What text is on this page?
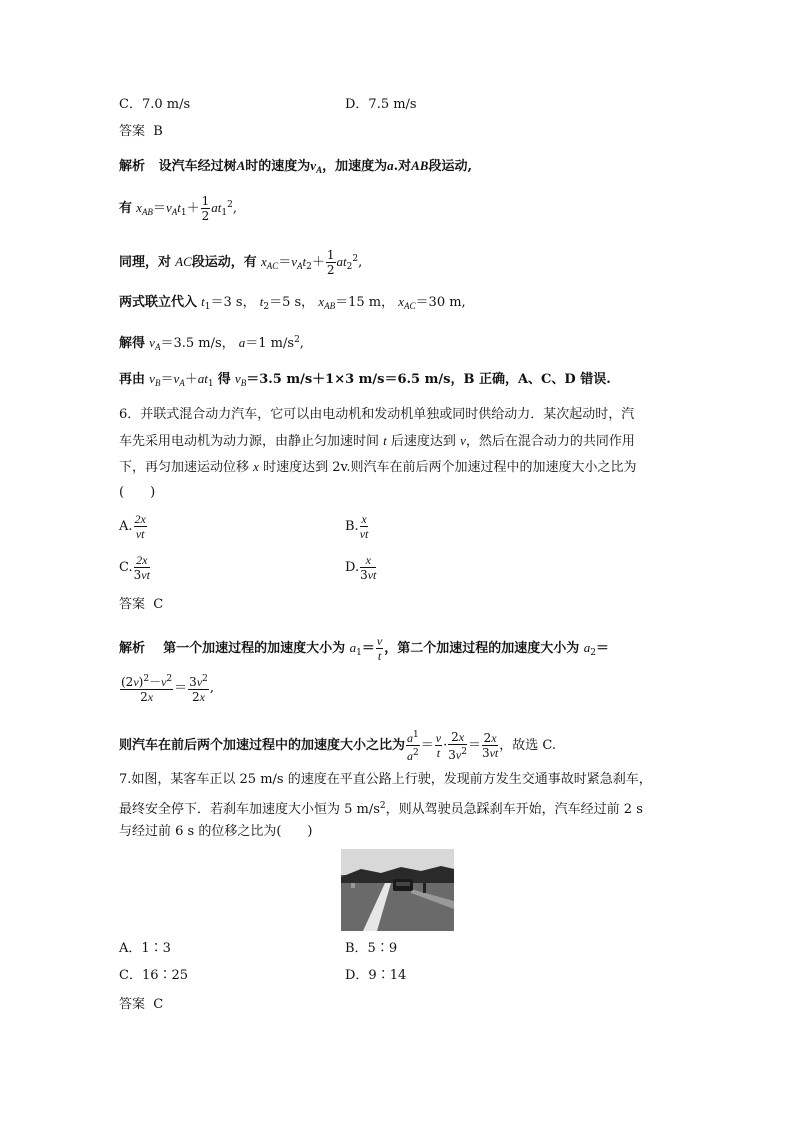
C．7.0 m/s	D．7.5 m/s
答案 B
解析 设汽车经过树A时的速度为$v_A$，加速度为a.对AB段运动,
有 $x_{AB}=v_At_1+ \frac{1}{2} at_1^2$,
同理，对 AC段运动，有 $x_{AC}=v_At_2+ \frac{1}{2} at_2^2$,
两式联立代入 $t_1=3$ s， $t_2=5$ s， $x_{AB}=15$ m， $x_{AC}=30$ m,
解得 $v_A=3.5$ m/s， a＝1 $m/s^2$,
再由 $v_B=v_A+at_1$ 得 $v_B=3.5$ m/s＋1×3 m/s＝6.5 m/s，B 正确，A、C、D 错误.
6．并联式混合动力汽车，它可以由电动机和发动机单独或同时供给动力．某次起动时，汽
车先采用电动机为动力源，由静止匀加速时间 t 后速度达到 v，然后在混合动力的共同作用
下，再匀加速运动位移 x 时速度达到 2v.则汽车在前后两个加速过程中的加速度大小之比为
(　　)
A. $\frac{2x}{vt}$	B. $\frac{x}{vt}$
C. $\frac{2x}{3vt}$	D. $\frac{x}{3vt}$
答案 C
解析 第一个加速过程的加速度大小为 $a_1= \frac{v}{t}$ ，第二个加速过程的加速度大小为 $a_2=$
$\frac{(2v)^2-v^2}{2x} = \frac{3v^2}{2x}$ ,
则汽车在前后两个加速过程中的加速度大小之比为 $\frac{a^1}{a^2} = \frac{v}{t} \cdot \frac{2x}{3v^2} = \frac{2x}{3vt}$ ，故选 C.
7.如图，某客车正以 25 m/s 的速度在平直公路上行驶，发现前方发生交通事故时紧急刹车，
最终安全停下．若刹车加速度大小恒为 5 $m/s^2$，则从驾驶员急踩刹车开始，汽车经过前 2 s
与经过前 6 s 的位移之比为(　　)
A．1∶3	B．5∶9
C．16∶25	D．9∶14
答案 C
